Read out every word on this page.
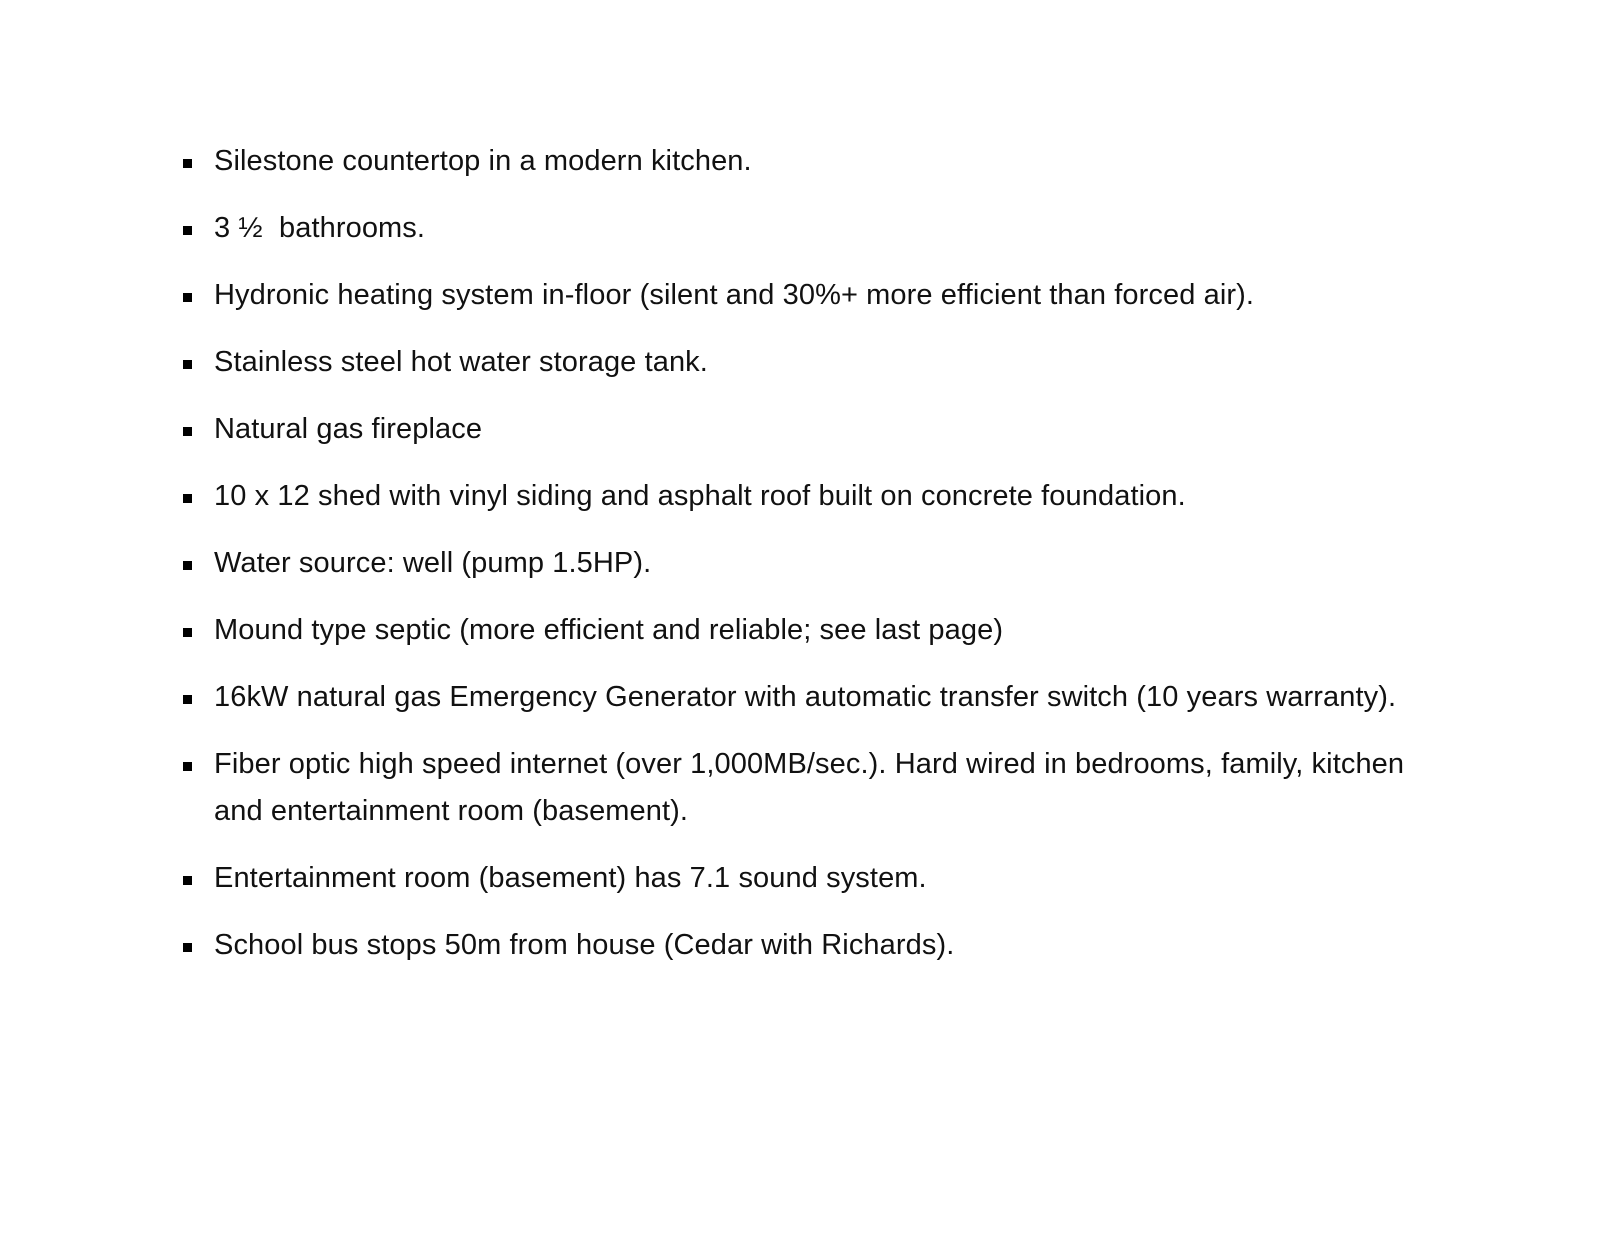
Silestone countertop in a modern kitchen.
3 ½  bathrooms.
Hydronic heating system in-floor (silent and 30%+ more efficient than forced air).
Stainless steel hot water storage tank.
Natural gas fireplace
10 x 12 shed with vinyl siding and asphalt roof built on concrete foundation.
Water source: well (pump 1.5HP).
Mound type septic (more efficient and reliable; see last page)
16kW natural gas Emergency Generator with automatic transfer switch (10 years warranty).
Fiber optic high speed internet (over 1,000MB/sec.). Hard wired in bedrooms, family, kitchen and entertainment room (basement).
Entertainment room (basement) has 7.1 sound system.
School bus stops 50m from house (Cedar with Richards).
